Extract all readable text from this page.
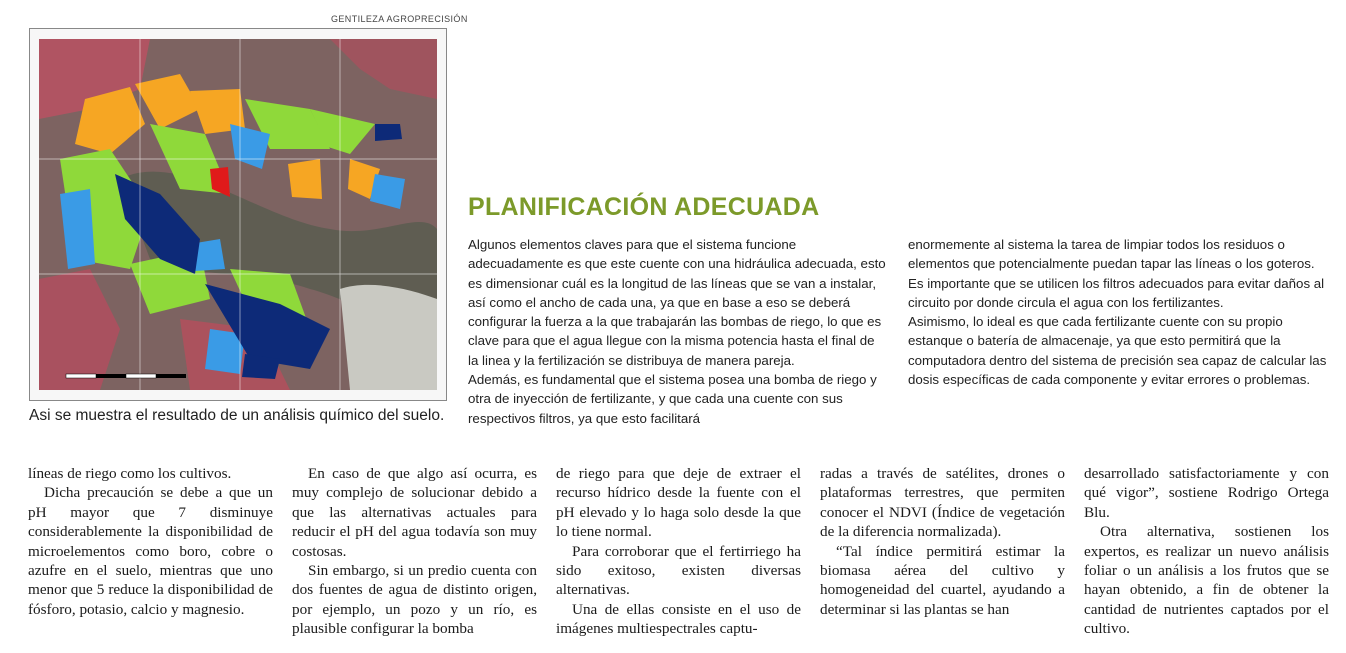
GENTILEZA AGROPRECISIÓN
Asi se muestra el resultado de un análisis químico del suelo.
PLANIFICACIÓN ADECUADA

Algunos elementos claves para que el sistema funcione adecuadamente es que este cuente con una hidráulica adecuada, esto es dimensionar cuál es la longitud de las líneas que se van a instalar, así como el ancho de cada una, ya que en base a eso se deberá configurar la fuerza a la que trabajarán las bombas de riego, lo que es clave para que el agua llegue con la misma potencia hasta el final de la linea y la fertilización se distribuya de manera pareja.

Además, es fundamental que el sistema posea una bomba de riego y otra de inyección de fertilizante, y que cada una cuente con sus respectivos filtros, ya que esto facilitará

enormemente al sistema la tarea de limpiar todos los residuos o elementos que potencialmente puedan tapar las líneas o los goteros.

Es importante que se utilicen los filtros adecuados para evitar daños al circuito por donde circula el agua con los fertilizantes.

Asimismo, lo ideal es que cada fertilizante cuente con su propio estanque o batería de almacenaje, ya que esto permitirá que la computadora dentro del sistema de precisión sea capaz de calcular las dosis específicas de cada componente y evitar errores o problemas.

líneas de riego como los cultivos.

Dicha precaución se debe a que un pH mayor que 7 disminuye considerablemente la disponibilidad de microelementos como boro, cobre o azufre en el suelo, mientras que uno menor que 5 reduce la disponibilidad de fósforo, potasio, calcio y magnesio.

En caso de que algo así ocurra, es muy complejo de solucionar debido a que las alternativas actuales para reducir el pH del agua todavía son muy costosas.

Sin embargo, si un predio cuenta con dos fuentes de agua de distinto origen, por ejemplo, un pozo y un río, es plausible configurar la bomba

de riego para que deje de extraer el recurso hídrico desde la fuente con el pH elevado y lo haga solo desde la que lo tiene normal.

Para corroborar que el fertirriego ha sido exitoso, existen diversas alternativas.

Una de ellas consiste en el uso de imágenes multiespectrales captu-

radas a través de satélites, drones o plataformas terrestres, que permiten conocer el NDVI (Índice de vegetación de la diferencia normalizada).

“Tal índice permitirá estimar la biomasa aérea del cultivo y homogeneidad del cuartel, ayudando a determinar si las plantas se han

desarrollado satisfactoriamente y con qué vigor”, sostiene Rodrigo Ortega Blu.

Otra alternativa, sostienen los expertos, es realizar un nuevo análisis foliar o un análisis a los frutos que se hayan obtenido, a fin de obtener la cantidad de nutrientes captados por el cultivo.
